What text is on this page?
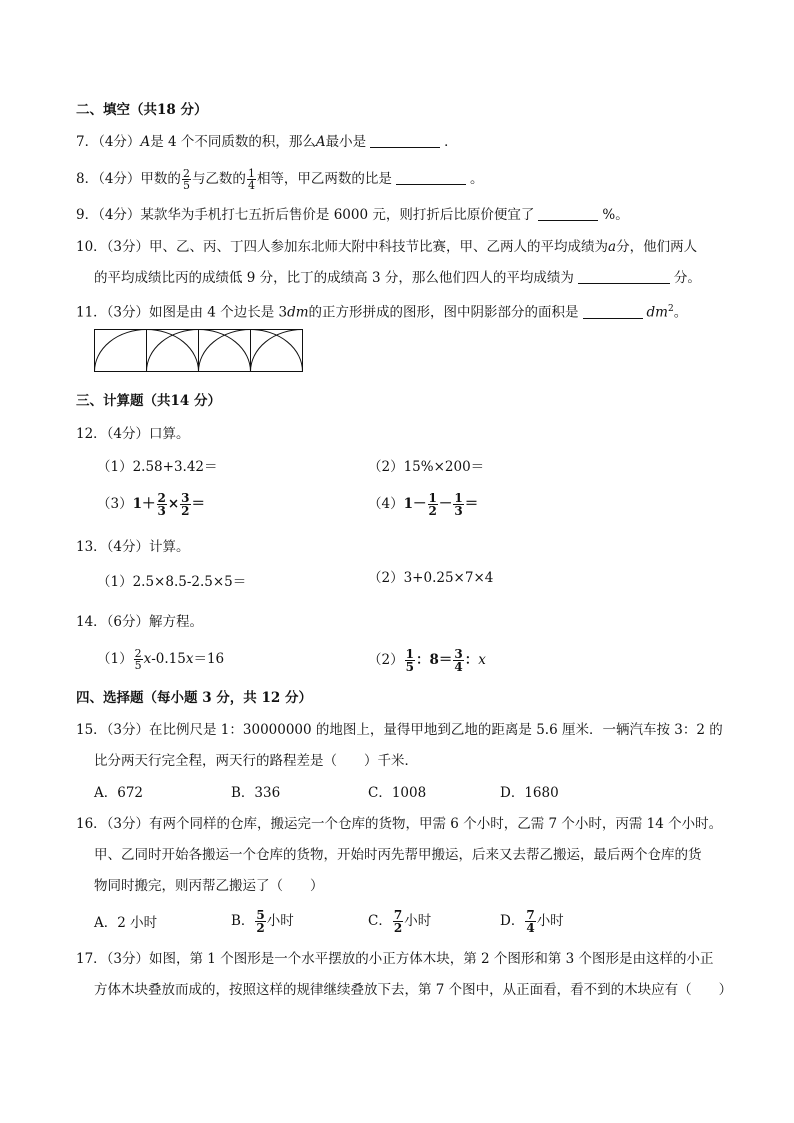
二、填空（共18 分）
7．（4分）A是 4 个不同质数的积，那么A最小是	．
8．（4分）甲数的 $\frac{2}{5}$ 与乙数的 $\frac{1}{4}$ 相等，甲乙两数的比是	。
9．（4分）某款华为手机打七五折后售价是 6000 元，则打折后比原价便宜了	%。
10．（3分）甲、乙、丙、丁四人参加东北师大附中科技节比赛，甲、乙两人的平均成绩为a分，他们两人
的平均成绩比丙的成绩低 9 分，比丁的成绩高 3 分，那么他们四人的平均成绩为	分。
11．（3分）如图是由 4 个边长是 3dm的正方形拼成的图形，图中阴影部分的面积是	$dm^2$。
三、计算题（共14 分）
12．（4分）口算。
（1）2.58+3.42＝	（2）15%×200＝
$(3)1+ \frac{2}{3} \times \frac{3}{2}$ ＝	$(4)1- \frac{1}{2} - \frac{1}{3}$ ＝
13．（4分）计算。
（1）2.5×8.5-2.5×5＝	（2）3+0.25×7×4
14．（6分）解方程。
$(1) \frac{2}{5} x-0.15x=16$	$(2) \frac{1}{5}$ ：$8= \frac{3}{4}$ ：x
四、选择题（每小题 3 分，共 12 分）
15．（3分）在比例尺是 1：30000000 的地图上，量得甲地到乙地的距离是 5.6 厘米．一辆汽车按 3：2 的
比分两天行完全程，两天行的路程差是（　　）千米．
A．672	B．336	C．1008	D．1680
16．（3分）有两个同样的仓库，搬运完一个仓库的货物，甲需 6 个小时，乙需 7 个小时，丙需 14 个小时。
甲、乙同时开始各搬运一个仓库的货物，开始时丙先帮甲搬运，后来又去帮乙搬运，最后两个仓库的货
物同时搬完，则丙帮乙搬运了（　　）
A．2 小时	B． $\frac{5}{2}$ 小时	C． $\frac{7}{2}$ 小时	D． $\frac{7}{4}$ 小时
17．（3分）如图，第 1 个图形是一个水平摆放的小正方体木块，第 2 个图形和第 3 个图形是由这样的小正
方体木块叠放而成的，按照这样的规律继续叠放下去，第 7 个图中，从正面看，看不到的木块应有（　　）
